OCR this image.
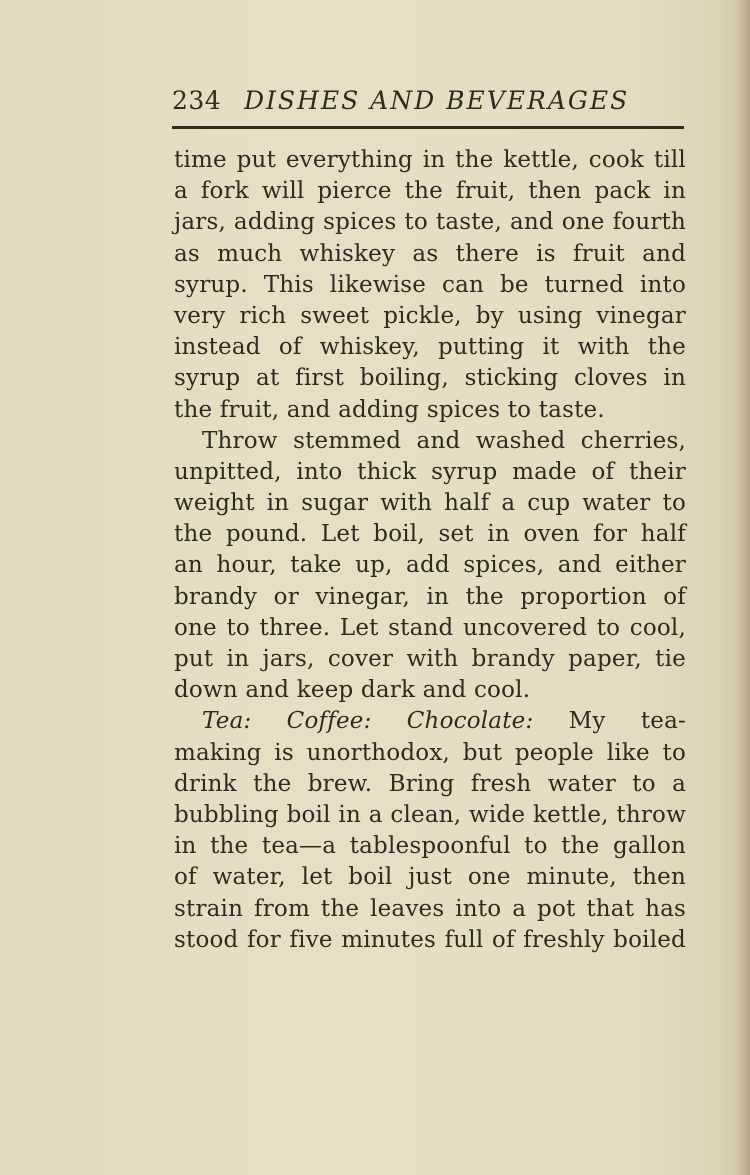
234 DISHES AND BEVERAGES
time put everything in the kettle, cook till
a fork will pierce the fruit, then pack in
jars, adding spices to taste, and one fourth
as much whiskey as there is fruit and
syrup. This likewise can be turned into
very rich sweet pickle, by using vinegar
instead of whiskey, putting it with the
syrup at first boiling, sticking cloves in
the fruit, and adding spices to taste.
Throw stemmed and washed cherries,
unpitted, into thick syrup made of their
weight in sugar with half a cup water to
the pound. Let boil, set in oven for half
an hour, take up, add spices, and either
brandy or vinegar, in the proportion of
one to three. Let stand uncovered to cool,
put in jars, cover with brandy paper, tie
down and keep dark and cool.
Tea: Coffee: Chocolate: My tea-
making is unorthodox, but people like to
drink the brew. Bring fresh water to a
bubbling boil in a clean, wide kettle, throw
in the tea—a tablespoonful to the gallon
of water, let boil just one minute, then
strain from the leaves into a pot that has
stood for five minutes full of freshly boiled
